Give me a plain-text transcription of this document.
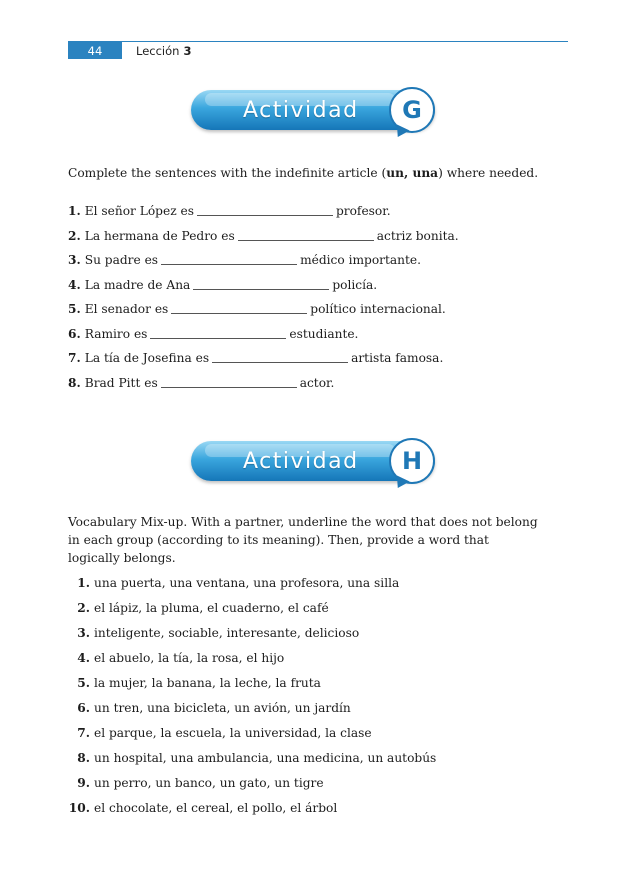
44	Lección 3
Actividad	G
Complete the sentences with the indefinite article (un, una) where needed.
1. El señor López es	profesor.
2. La hermana de Pedro es	actriz bonita.
3. Su padre es	médico importante.
4. La madre de Ana	policía.
5. El senador es	político internacional.
6. Ramiro es	estudiante.
7. La tía de Josefina es	artista famosa.
8. Brad Pitt es	actor.
Actividad	H
Vocabulary Mix-up. With a partner, underline the word that does not belong in each group (according to its meaning). Then, provide a word that logically belongs.
1. una puerta, una ventana, una profesora, una silla
2. el lápiz, la pluma, el cuaderno, el café
3. inteligente, sociable, interesante, delicioso
4. el abuelo, la tía, la rosa, el hijo
5. la mujer, la banana, la leche, la fruta
6. un tren, una bicicleta, un avión, un jardín
7. el parque, la escuela, la universidad, la clase
8. un hospital, una ambulancia, una medicina, un autobús
9. un perro, un banco, un gato, un tigre
10. el chocolate, el cereal, el pollo, el árbol
